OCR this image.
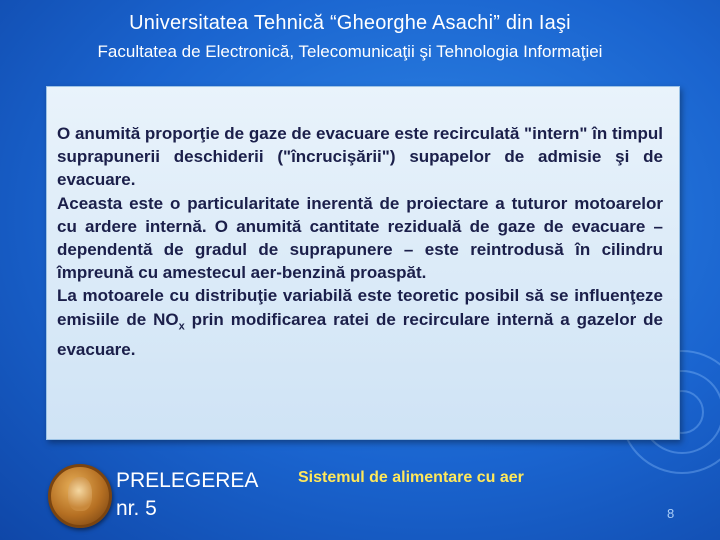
Universitatea Tehnică “Gheorghe Asachi” din Iaşi
Facultatea de Electronică, Telecomunicaţii şi Tehnologia Informaţiei

O anumită proporţie de gaze de evacuare este recirculată "intern" în timpul suprapunerii deschiderii ("încrucişării") supapelor de admisie şi de evacuare.

Aceasta este o particularitate inerentă de proiectare a tuturor motoarelor cu ardere internă. O anumită cantitate reziduală de gaze de evacuare – dependentă de gradul de suprapunere – este reintrodusă în cilindru împreună cu amestecul aer-benzină proaspăt.

La motoarele cu distribuţie variabilă este teoretic posibil să se influenţeze emisiile de $NO_x$ prin modificarea ratei de recirculare internă a gazelor de evacuare.

PRELEGEREA
nr. 5
Sistemul de alimentare cu aer
8
